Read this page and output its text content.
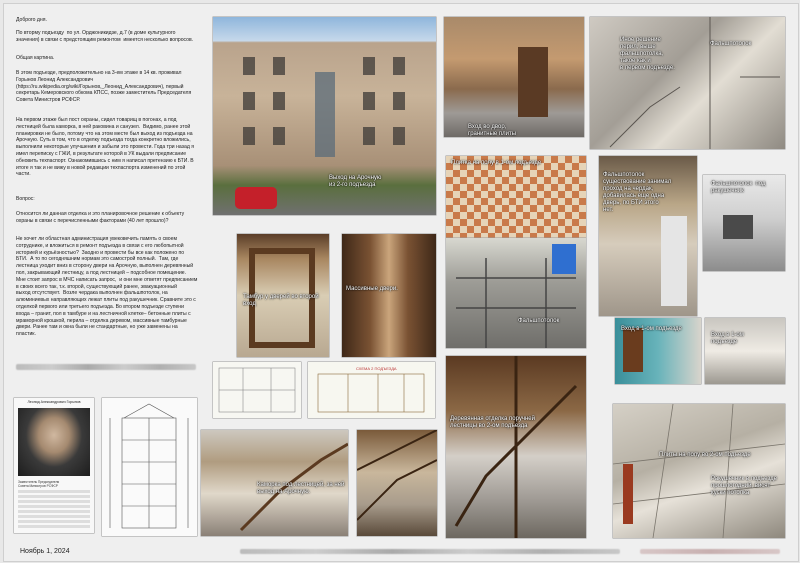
Доброго дня.
По вторму подъезду  по ул. Орджоникидзе, д.7 (в доме культурного
значения) в связи с предстоящим ремонтом  имеется несколько вопросов.
Общая картина.
В этом подъезде, предположительно на 3-ем этаже в 14 кв. проживал
Горынов Леонид Александрович
(https://ru.wikipedia.org/wiki/Горынов,_Леонид_Александрович), первый
секретарь Кемеровского обкома КПСС, позже заместитель Председателя
Совета Министров РСФСР.
На первом этаже был пост охраны, сидел товарищ в погонах, а под
лестницей была каморка, в ней раковина и санузел.  Видимо, ранее этой
планировки не было, потому что на этом месте был выход из подъезда на
Арочную. Суть в том, что в отделку подъезда тогда конкретно вложились,
выполнили некоторые улучшения и забыли это провести. Года три назад я
имел переписку с ГЖИ, в результате которой в УК выдали предписание
обновить техпаспорт. Ознакомившись с ним я написал претензию к БТИ. В
итоге я так и не вижу в новой редакции техпаспорта изменений по этой
части.
Вопрос:
Относится ли данная отделка и это планировочное решение к объекту
охраны в связи с перечисленными факторами (40 лет прошло)?
Не хочет ли областная администрация увековечить память о своем
сотруднике, и вложиться в ремонт подъезда в связи с его любопытной
историей и курьёзностью?  Заодно и провести бы все как положено по
БТИ.  А то по сегодняшним нормам это самострой полный.  Там, где
лестница уходит вниз в сторону двери на Арочную, выполнен деревянный
пол, закрывающий лестницу, а под лестницей – подсобное помещение.
Мне стоит запрос в МЧС написать запрос,  и они мне ответят предписанием
в своих всего так, т.к. второй, существующий ранее, эвакуационный
выход отсутствует.  Возле чердака выполнен фальшпотолок, на
алюминиевых направляющих лежат плиты под ракушечник. Сравните это с
отделкой первого или третьего подъезда. Во втором подъезде ступени
входа – гранит, пол в тамбуре и на лестничной клетке– бетонные плиты с
мраморной крошкой, перила – отделка деревом, массивные тамбурные
двери. Ранее там и окна были не стандартные, но уже заменены на
пластик.
Леонид Александрович Горынов
Заместитель Председателя
Совета Министров РСФСР
Выход на Арочную
из 2-го подъезда
Вход во двор,
гранитные плиты
Иное решение
перил, выше
фальшпотолка,
такое как и
в первом подъезде.
Фальшпотолок
Плитка на полу в 1-ом подъезде
Фальшпотолок
существование занимал
проход на чердак,
добавилась еще одна
дверь, по БТИ этого
нет.
Фальшпотолок  под
ракушечник
Тамбур у дверей во второй вход
Массивные двери.
Фальшпотолок
Вход в 1-ом подъезде
Вход в 1-ом
подъезде
СХЕМА 2 ПОДЪЕЗДА
Деревянная отделка поручней
лестницы во 2-ом подъезда
Каморка под лестницей, за ней
выход на Арочную.
Плиты на полу во 2-ом подъезде
Ракушечник в подъезде
прошлогодний, висят
куски потолка
Ноябрь 1, 2024
